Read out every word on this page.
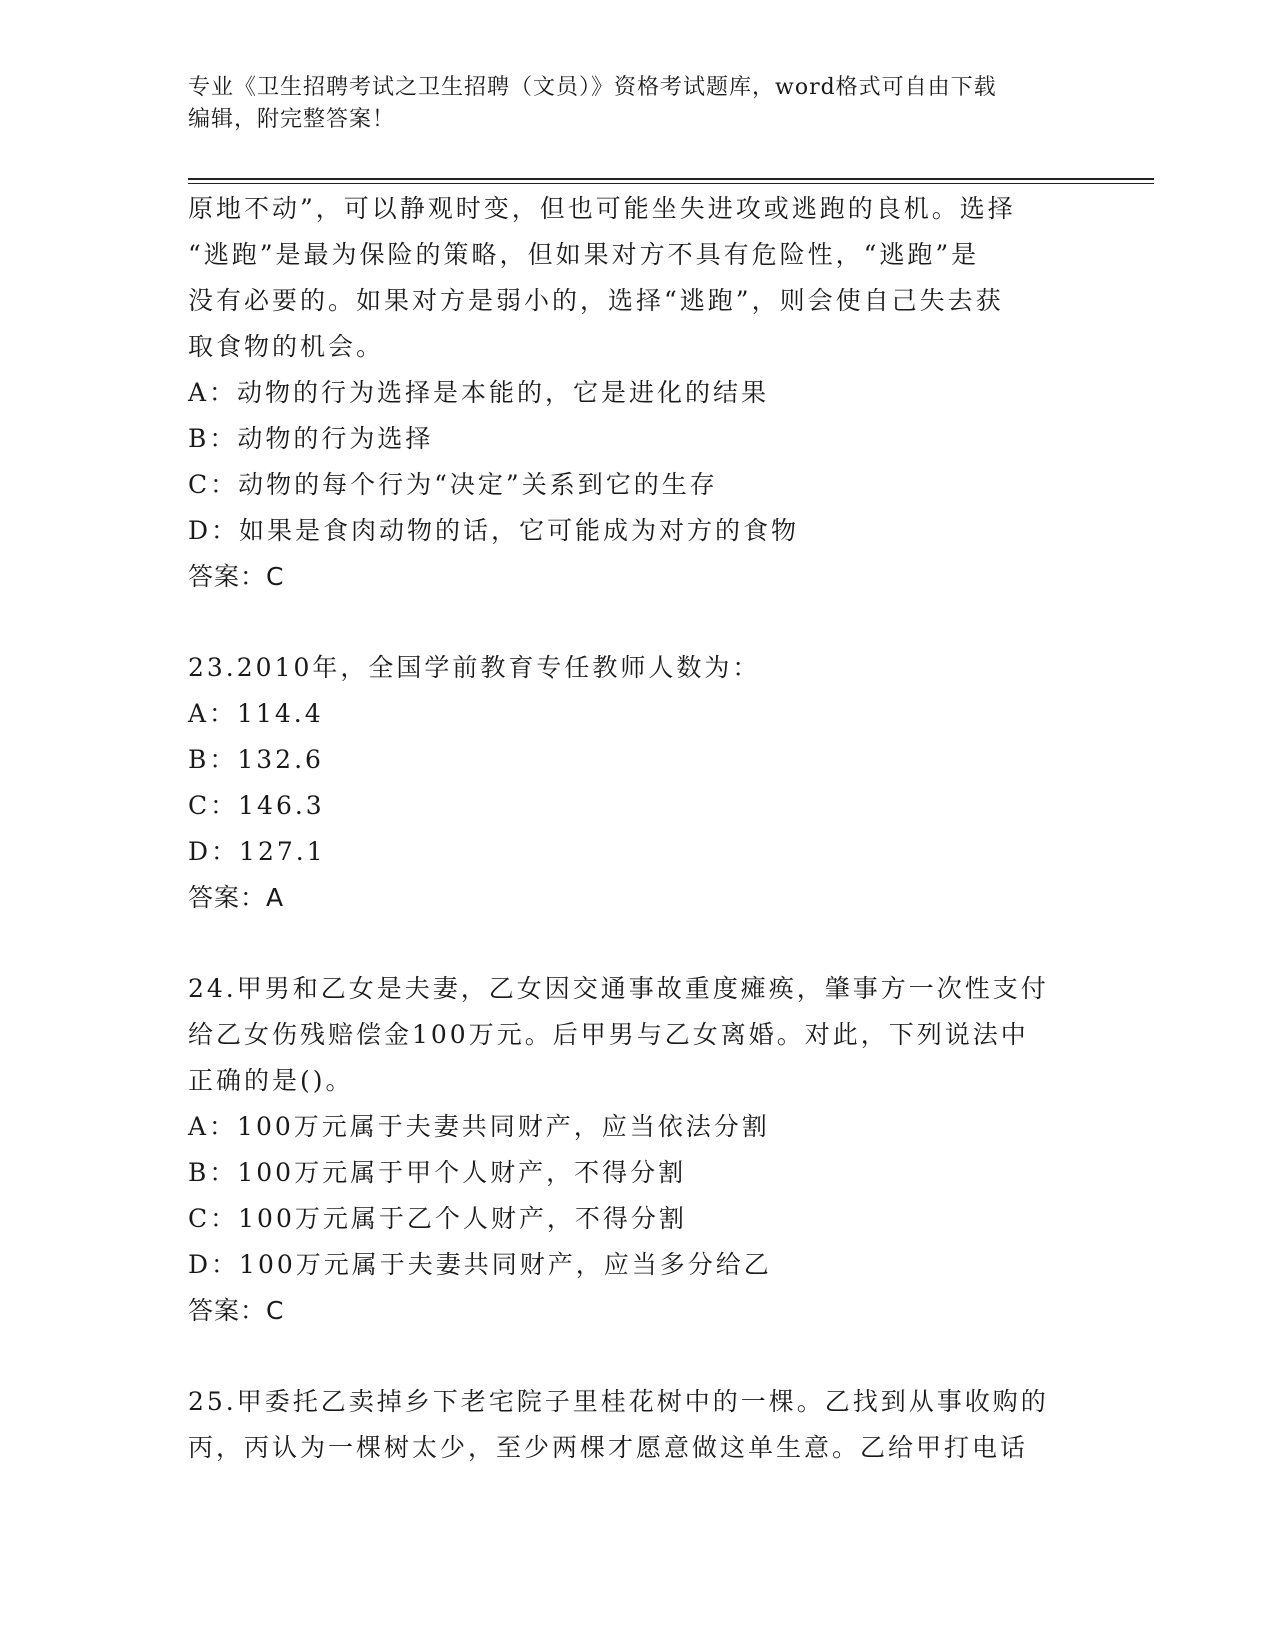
专业《卫生招聘考试之卫生招聘（文员）》资格考试题库，word格式可自由下载
编辑，附完整答案！
原地不动”，可以静观时变，但也可能坐失进攻或逃跑的良机。选择
“逃跑”是最为保险的策略，但如果对方不具有危险性，“逃跑”是
没有必要的。如果对方是弱小的，选择“逃跑”，则会使自己失去获
取食物的机会。
A：动物的行为选择是本能的，它是进化的结果
B：动物的行为选择
C：动物的每个行为“决定”关系到它的生存
D：如果是食肉动物的话，它可能成为对方的食物
答案：C
23.2010年，全国学前教育专任教师人数为：
A：114.4
B：132.6
C：146.3
D：127.1
答案：A
24.甲男和乙女是夫妻，乙女因交通事故重度瘫痪，肇事方一次性支付
给乙女伤残赔偿金100万元。后甲男与乙女离婚。对此，下列说法中
正确的是()。
A：100万元属于夫妻共同财产，应当依法分割
B：100万元属于甲个人财产，不得分割
C：100万元属于乙个人财产，不得分割
D：100万元属于夫妻共同财产，应当多分给乙
答案：C
25.甲委托乙卖掉乡下老宅院子里桂花树中的一棵。乙找到从事收购的
丙，丙认为一棵树太少，至少两棵才愿意做这单生意。乙给甲打电话
